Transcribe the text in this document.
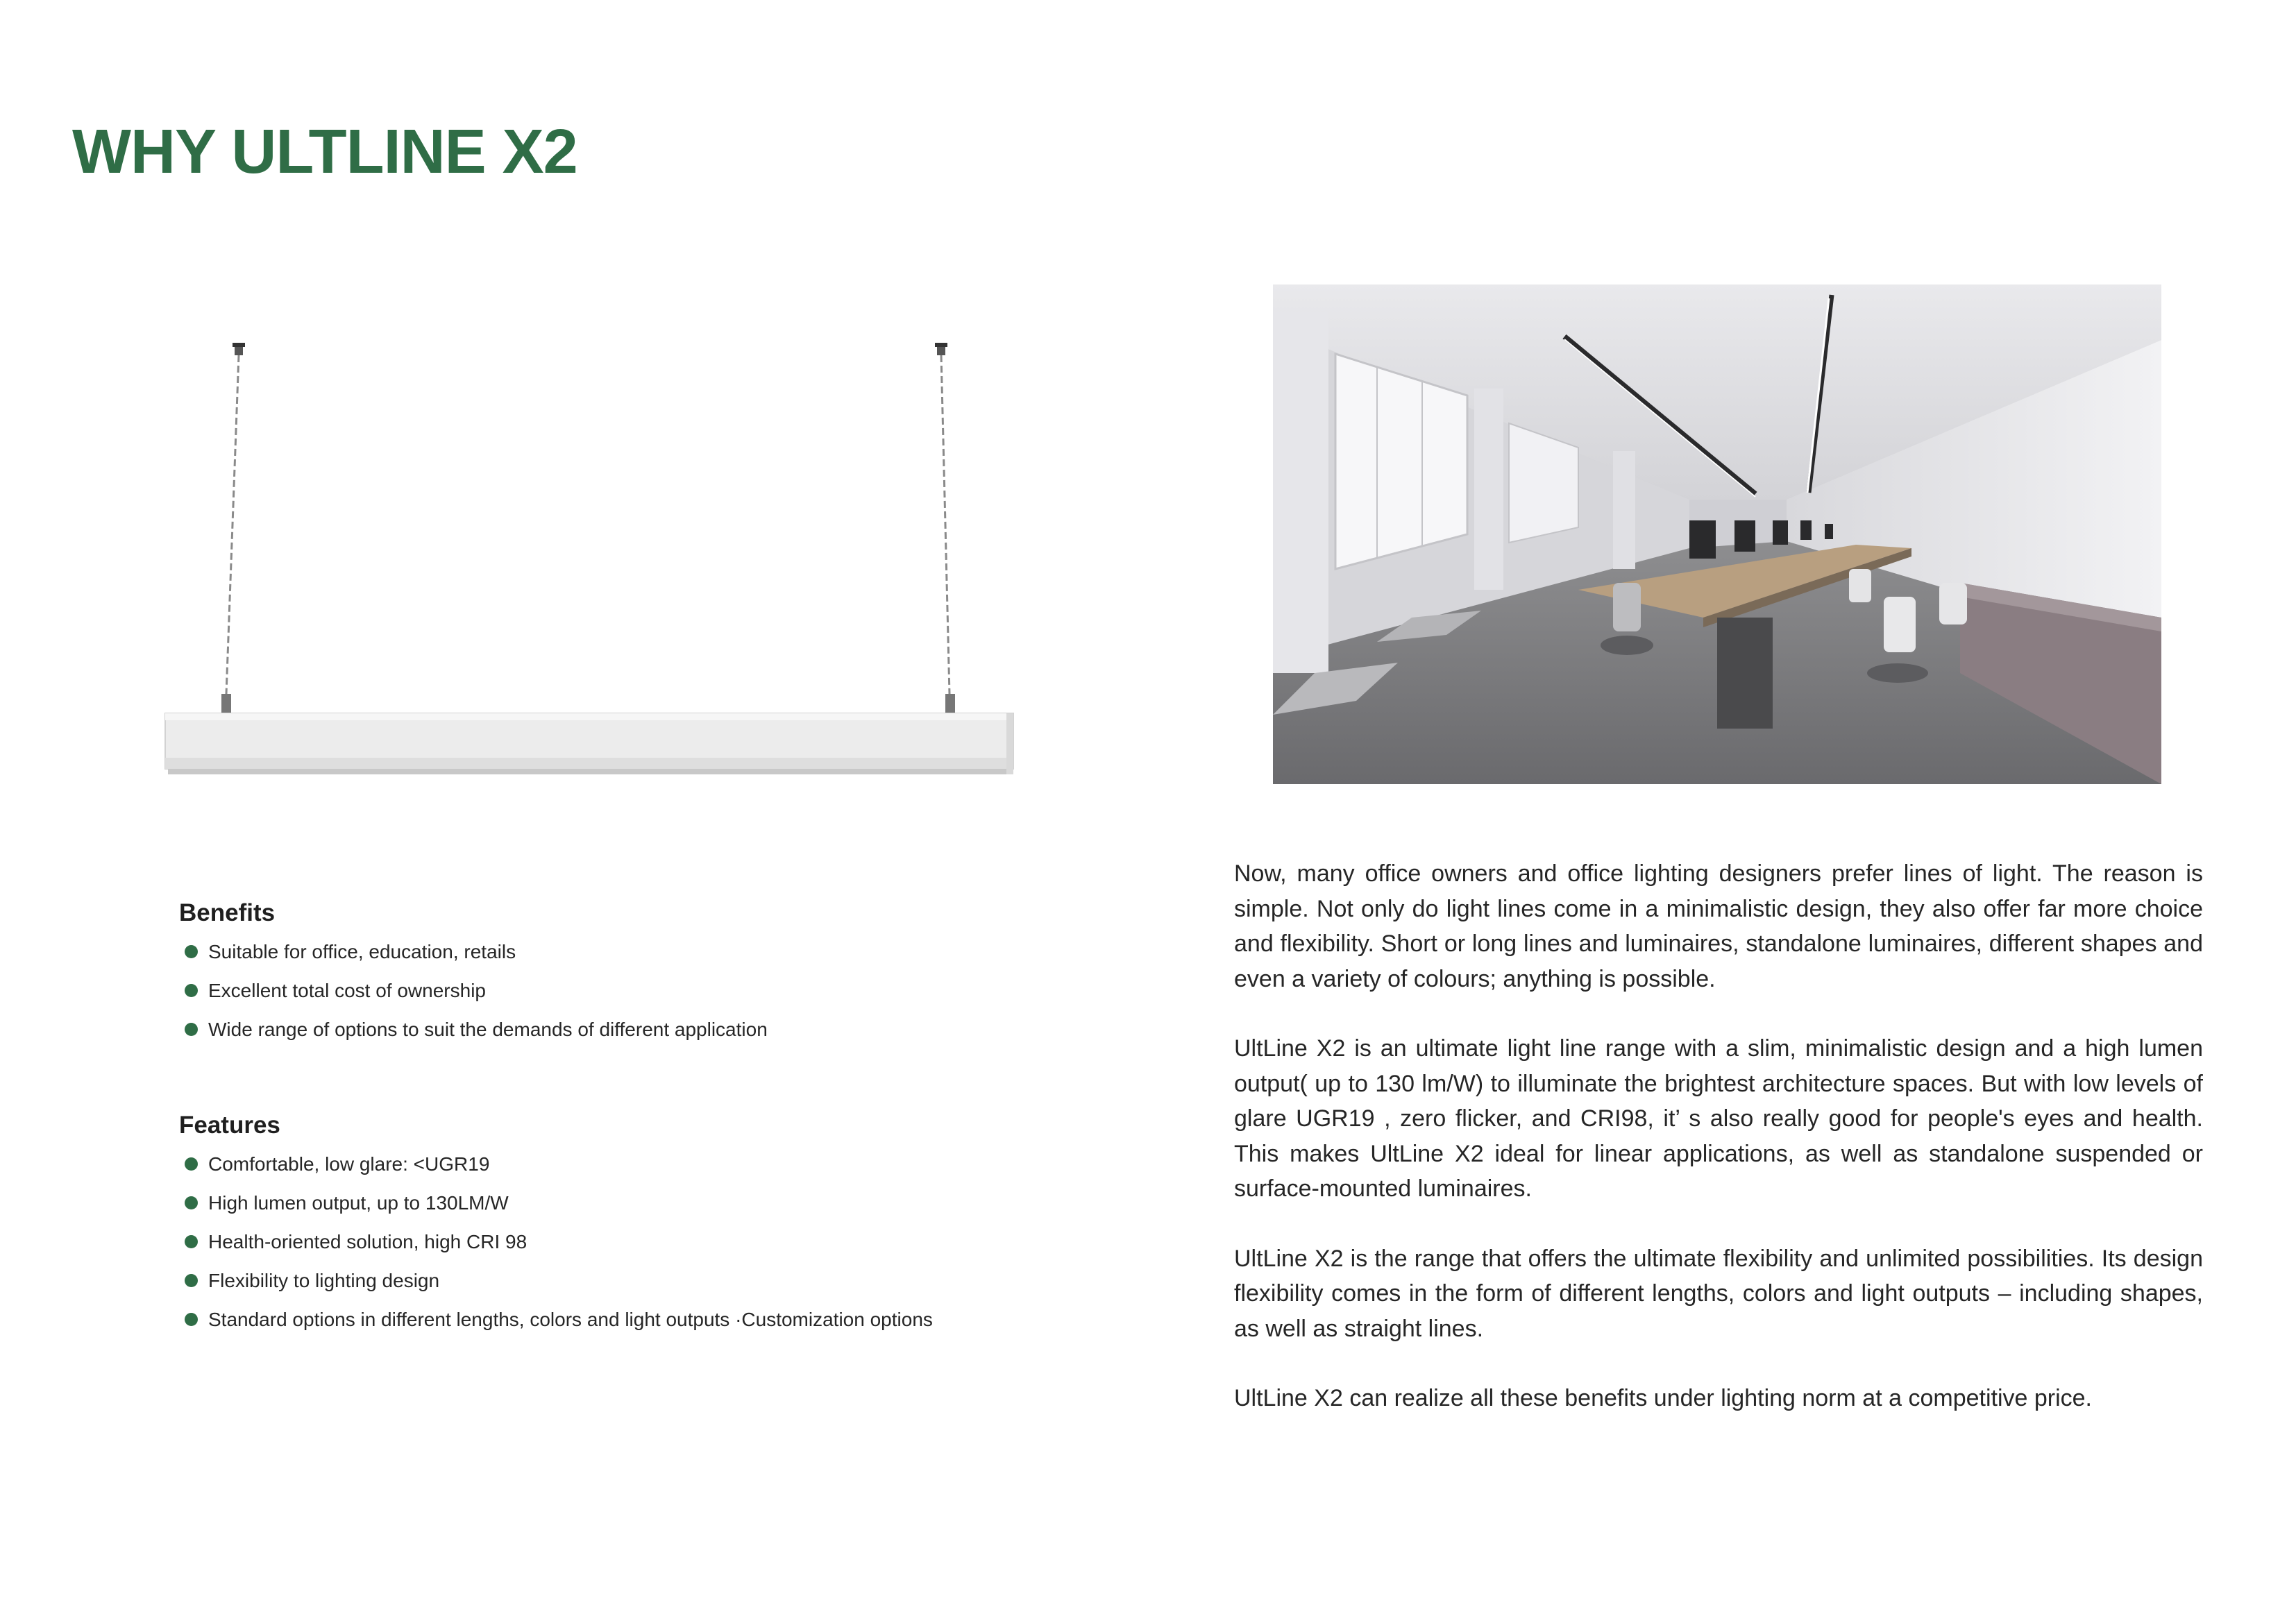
WHY ULTLINE X2
Benefits
Suitable for office, education, retails
Excellent total cost of ownership
Wide range of options to suit the demands of different application
Features
Comfortable, low glare: <UGR19
High lumen output, up to 130LM/W
Health-oriented solution, high CRI 98
Flexibility to lighting design
Standard options in different lengths, colors and light outputs ·Customization options

Now, many office owners and office lighting designers prefer lines of light. The reason is simple. Not only do light lines come in a minimalistic design, they also offer far more choice and flexibility. Short or long lines and luminaires, standalone luminaires, different shapes and even a variety of colours; anything is possible.

UltLine X2 is an ultimate light line range with a slim, minimalistic design and a high lumen output( up to 130 lm/W) to illuminate the brightest architecture spaces. But with low levels of glare UGR19 , zero flicker, and CRI98, it’ s also really good for people's eyes and health. This makes UltLine X2 ideal for linear applications, as well as standalone suspended or surface-mounted luminaires.

UltLine X2 is the range that offers the ultimate flexibility and unlimited possibilities. Its design flexibility comes in the form of different lengths, colors and light outputs – including shapes, as well as straight lines.

UltLine X2 can realize all these benefits under lighting norm at a competitive price.
